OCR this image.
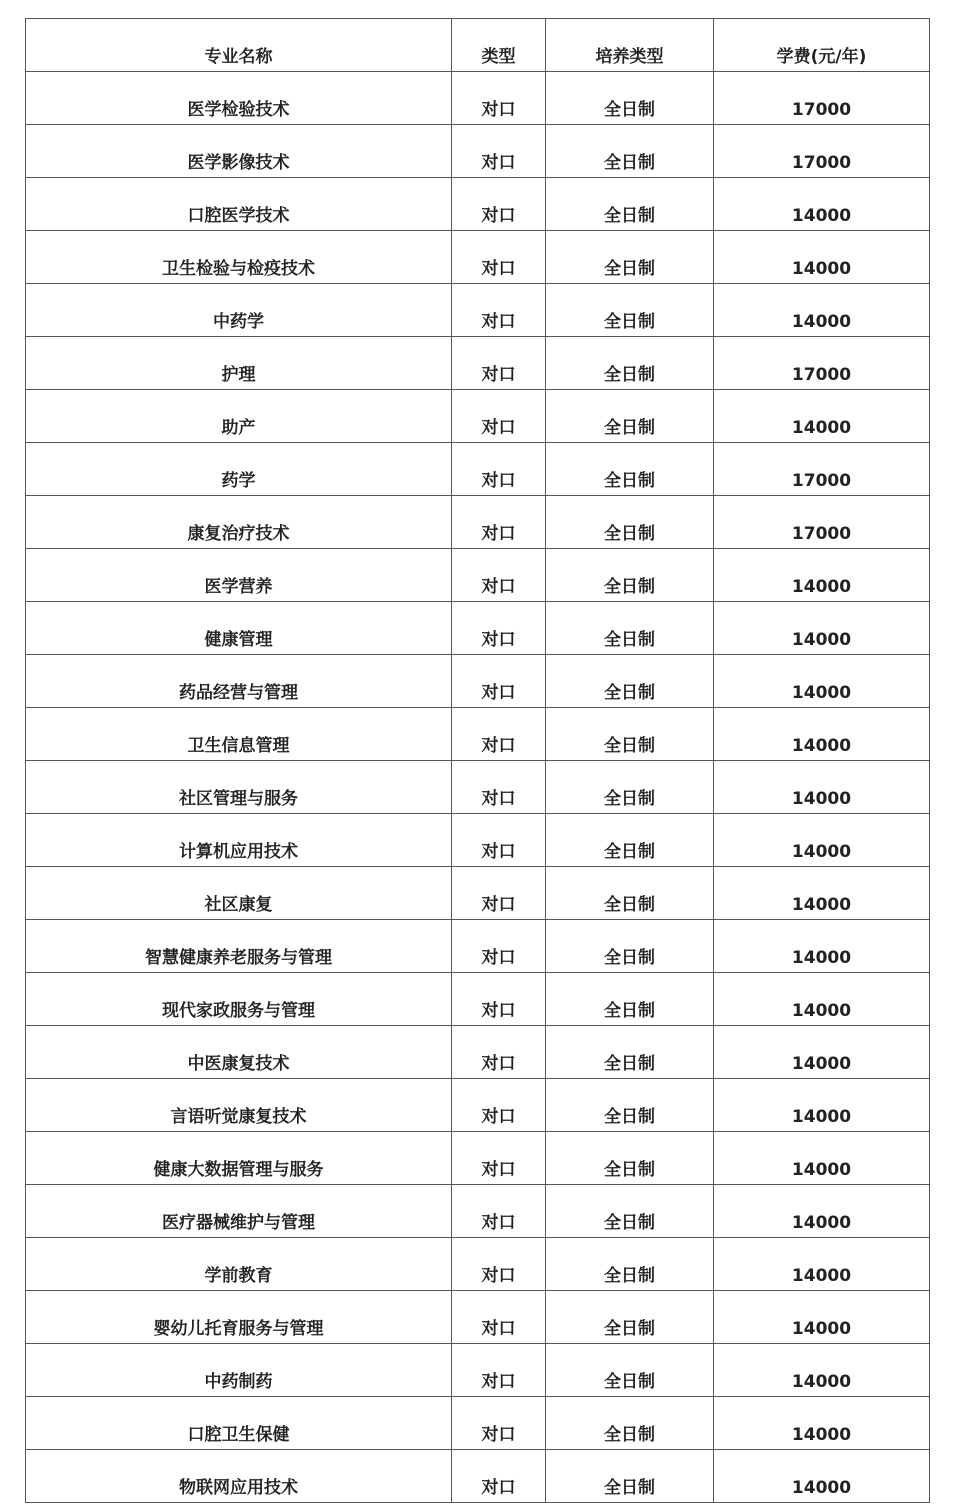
专业名称	类型	培养类型	学费(元/年)
医学检验技术	对口	全日制	17000
医学影像技术	对口	全日制	17000
口腔医学技术	对口	全日制	14000
卫生检验与检疫技术	对口	全日制	14000
中药学	对口	全日制	14000
护理	对口	全日制	17000
助产	对口	全日制	14000
药学	对口	全日制	17000
康复治疗技术	对口	全日制	17000
医学营养	对口	全日制	14000
健康管理	对口	全日制	14000
药品经营与管理	对口	全日制	14000
卫生信息管理	对口	全日制	14000
社区管理与服务	对口	全日制	14000
计算机应用技术	对口	全日制	14000
社区康复	对口	全日制	14000
智慧健康养老服务与管理	对口	全日制	14000
现代家政服务与管理	对口	全日制	14000
中医康复技术	对口	全日制	14000
言语听觉康复技术	对口	全日制	14000
健康大数据管理与服务	对口	全日制	14000
医疗器械维护与管理	对口	全日制	14000
学前教育	对口	全日制	14000
婴幼儿托育服务与管理	对口	全日制	14000
中药制药	对口	全日制	14000
口腔卫生保健	对口	全日制	14000
物联网应用技术	对口	全日制	14000
